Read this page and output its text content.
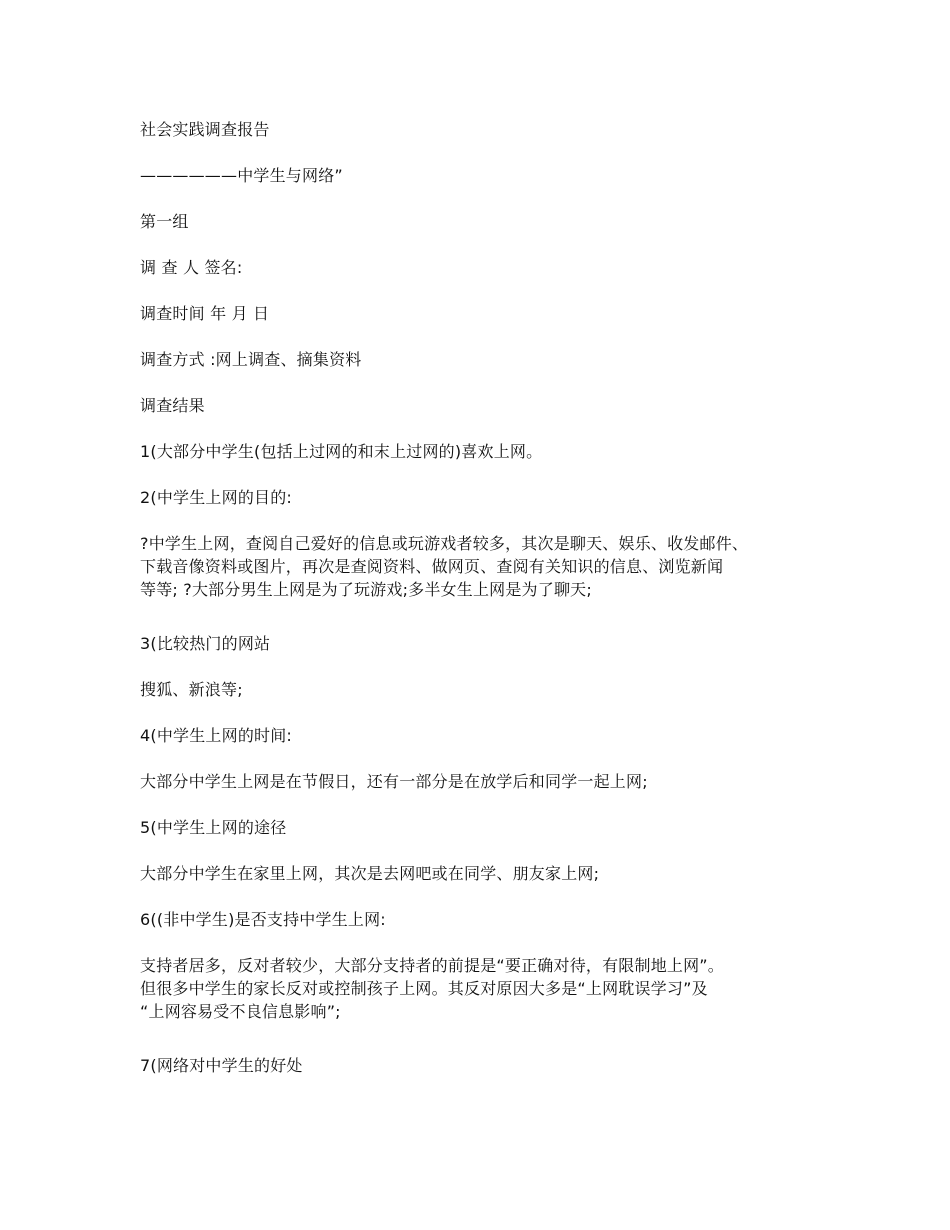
社会实践调查报告
——————中学生与网络”
第一组
调 查 人 签名:
调查时间 年 月 日
调查方式 :网上调查、摘集资料
调查结果
1(大部分中学生(包括上过网的和末上过网的)喜欢上网。
2(中学生上网的目的:
?中学生上网，查阅自己爱好的信息或玩游戏者较多，其次是聊天、娱乐、收发邮件、
下载音像资料或图片，再次是查阅资料、做网页、查阅有关知识的信息、浏览新闻
等等; ?大部分男生上网是为了玩游戏;多半女生上网是为了聊天;
3(比较热门的网站
搜狐、新浪等;
4(中学生上网的时间:
大部分中学生上网是在节假日，还有一部分是在放学后和同学一起上网;
5(中学生上网的途径
大部分中学生在家里上网，其次是去网吧或在同学、朋友家上网;
6((非中学生)是否支持中学生上网:
支持者居多，反对者较少，大部分支持者的前提是“要正确对待，有限制地上网”。
但很多中学生的家长反对或控制孩子上网。其反对原因大多是“上网耽误学习”及
“上网容易受不良信息影响”;
7(网络对中学生的好处
